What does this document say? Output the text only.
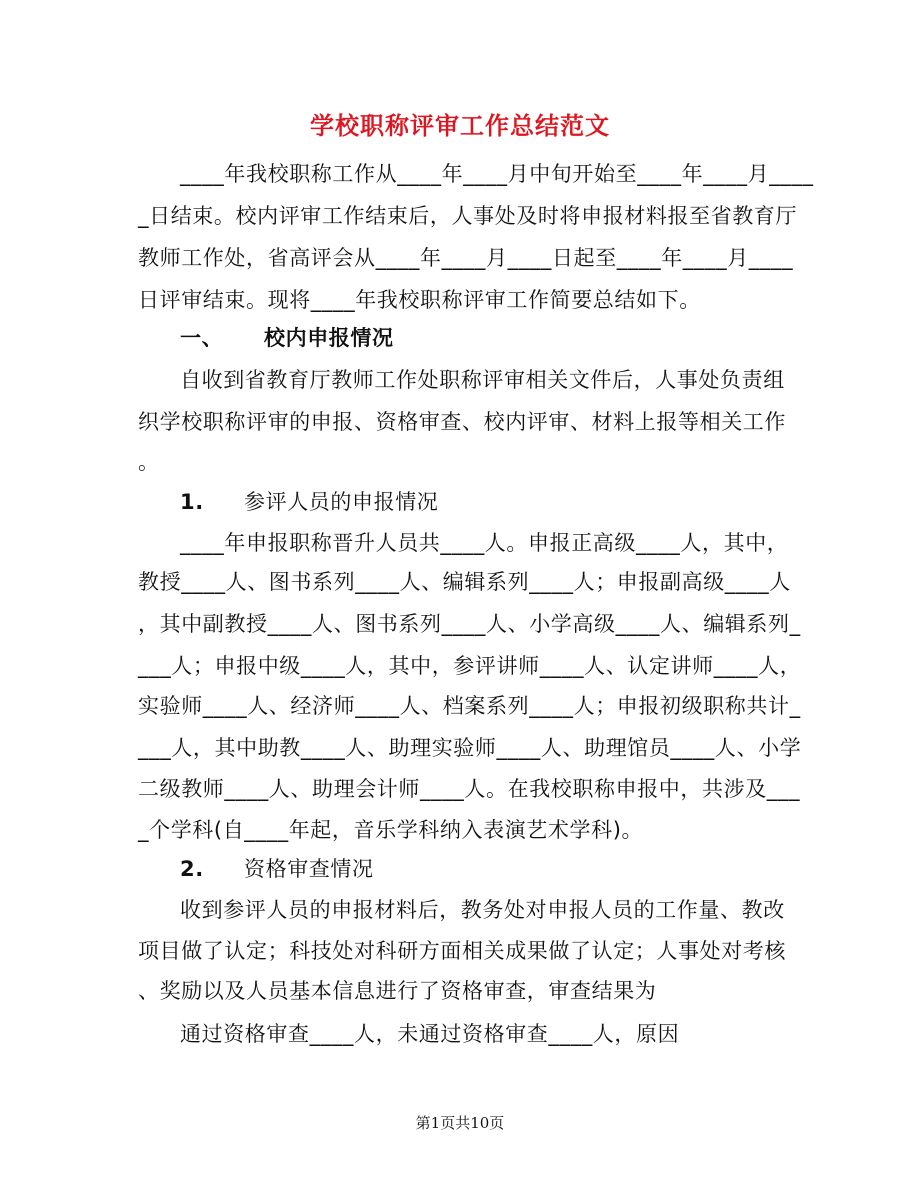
学校职称评审工作总结范文
____年我校职称工作从____年____月中旬开始至____年____月____
_日结束。校内评审工作结束后，人事处及时将申报材料报至省教育厅
教师工作处，省高评会从____年____月____日起至____年____月____
日评审结束。现将____年我校职称评审工作简要总结如下。
一、 校内申报情况
自收到省教育厅教师工作处职称评审相关文件后，人事处负责组
织学校职称评审的申报、资格审查、校内评审、材料上报等相关工作
。
1. 参评人员的申报情况
____年申报职称晋升人员共____人。申报正高级____人，其中，
教授____人、图书系列____人、编辑系列____人；申报副高级____人
，其中副教授____人、图书系列____人、小学高级____人、编辑系列_
___人；申报中级____人，其中，参评讲师____人、认定讲师____人，
实验师____人、经济师____人、档案系列____人；申报初级职称共计_
___人，其中助教____人、助理实验师____人、助理馆员____人、小学
二级教师____人、助理会计师____人。在我校职称申报中，共涉及___
_个学科(自____年起，音乐学科纳入表演艺术学科)。
2. 资格审查情况
收到参评人员的申报材料后，教务处对申报人员的工作量、教改
项目做了认定；科技处对科研方面相关成果做了认定；人事处对考核
、奖励以及人员基本信息进行了资格审查，审查结果为
通过资格审查____人，未通过资格审查____人，原因
第1页共10页
